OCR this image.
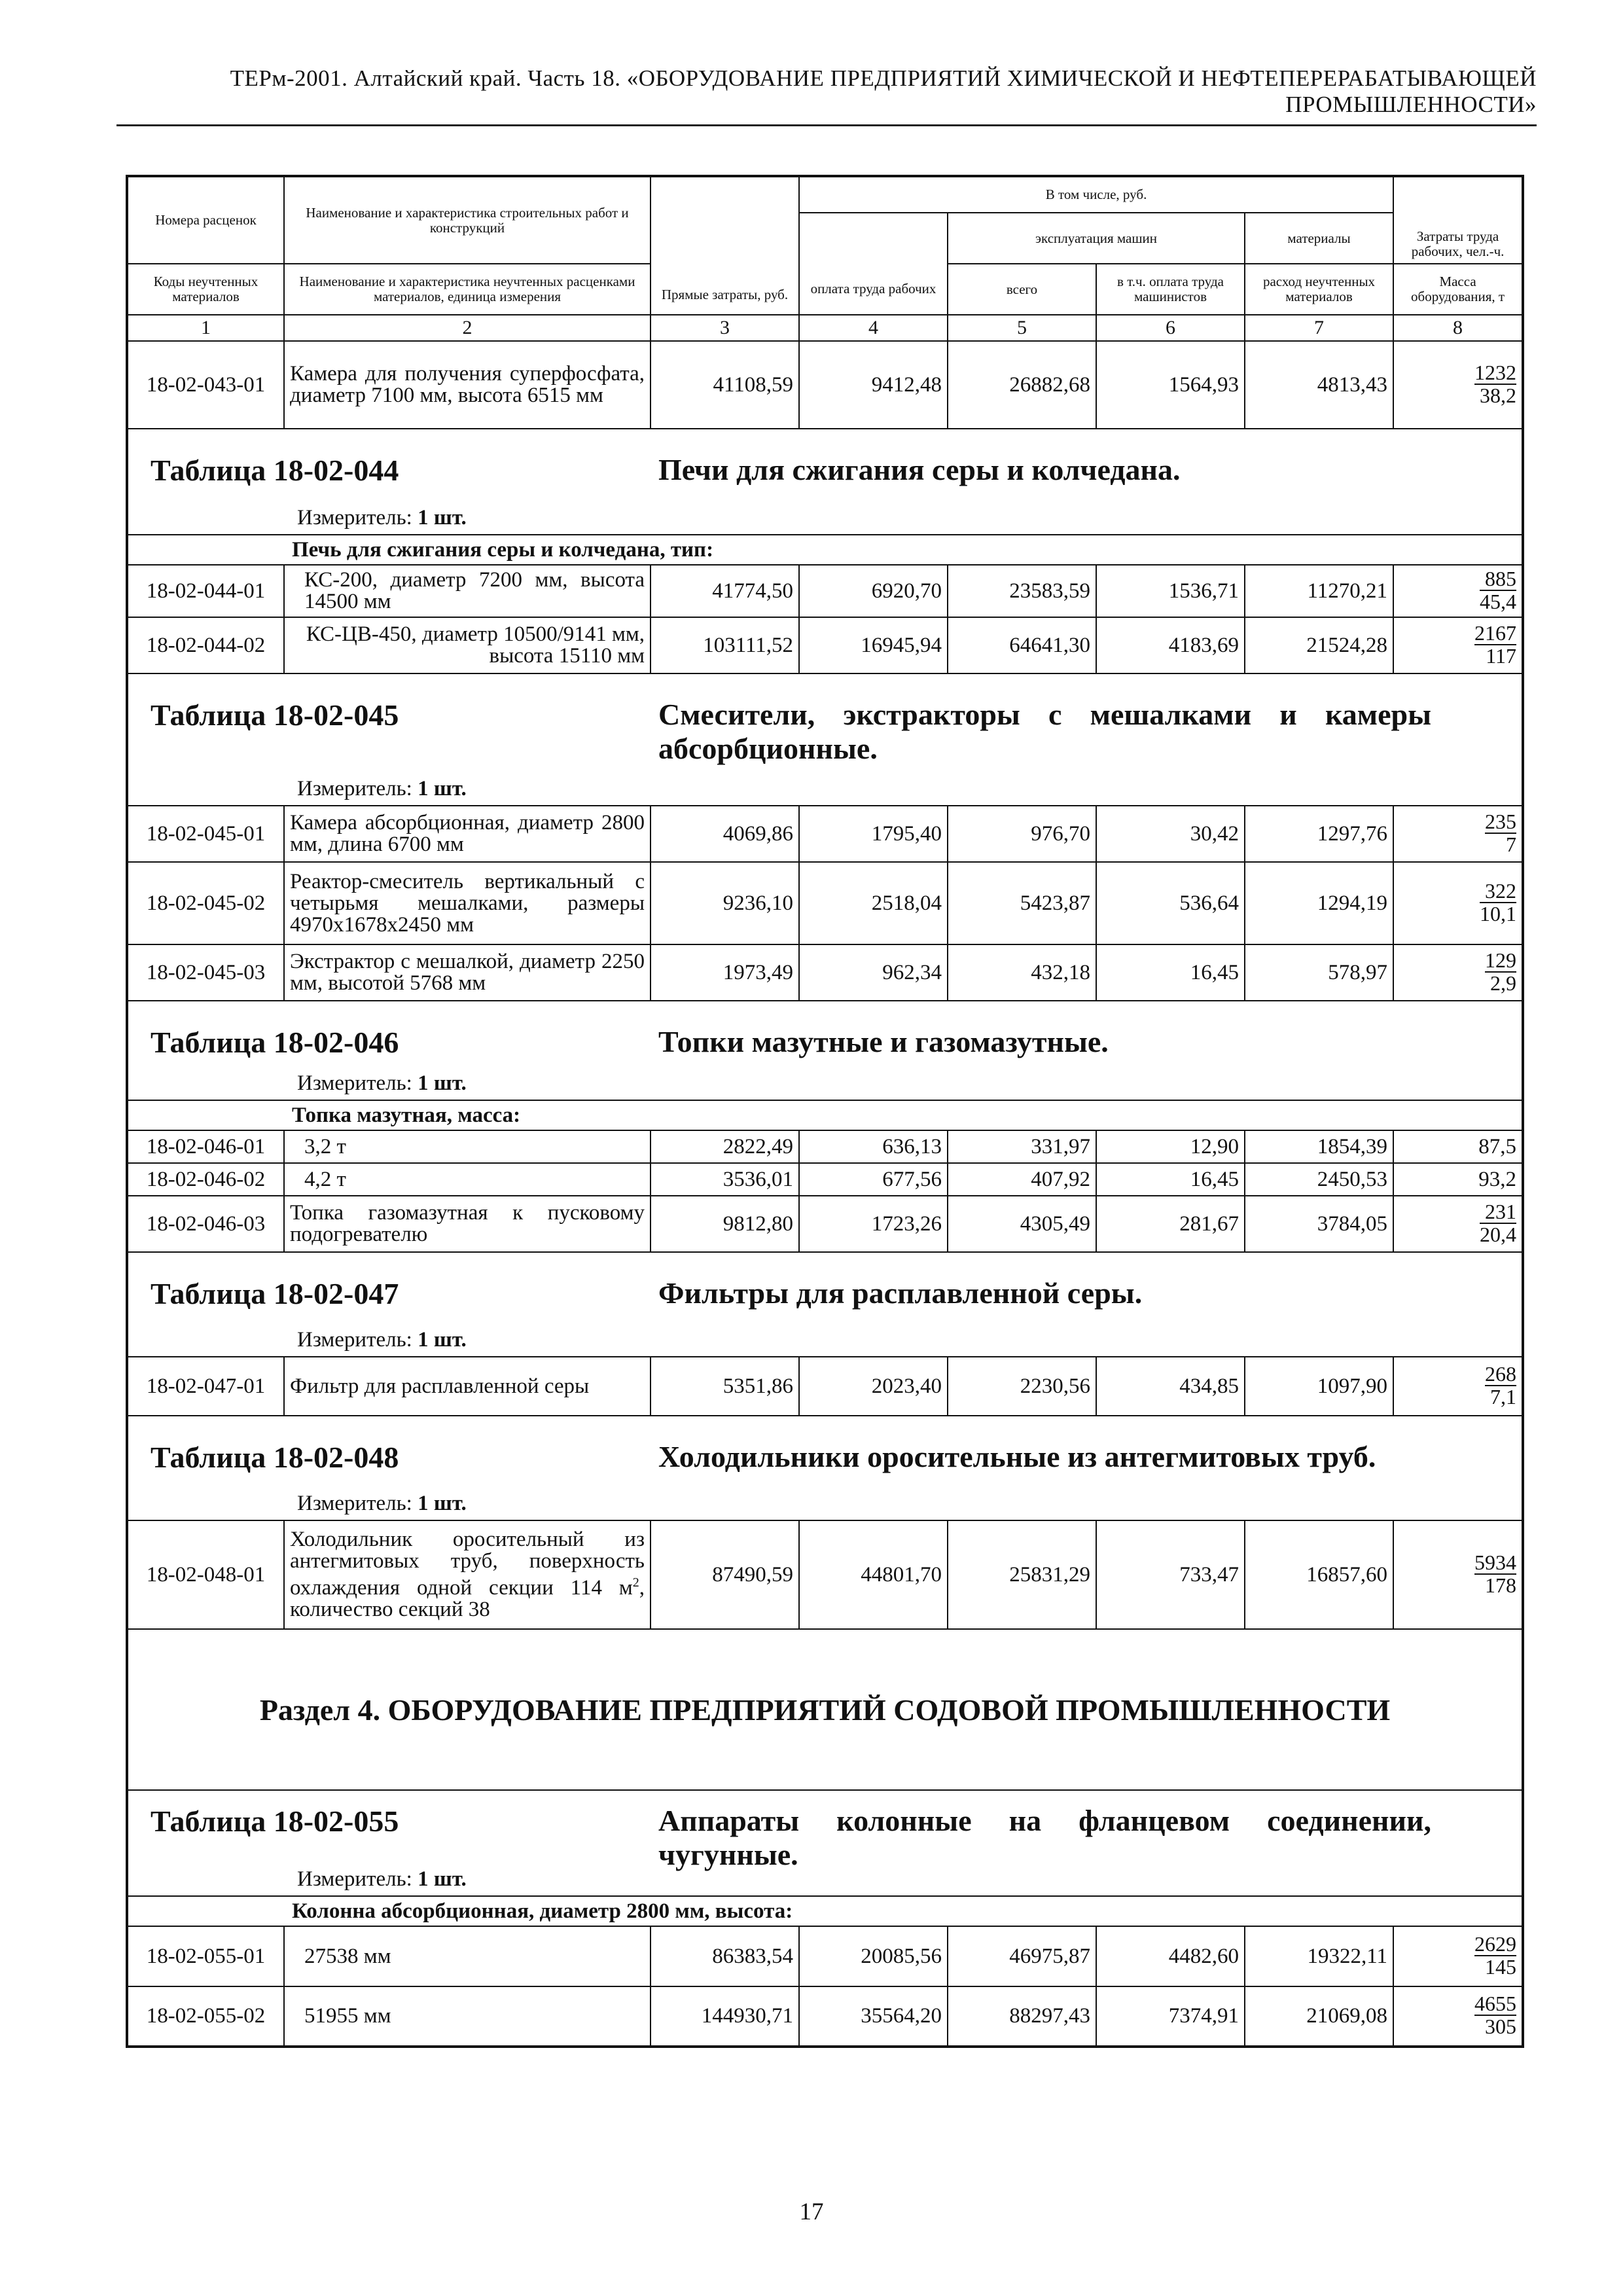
ТЕРм-2001. Алтайский край. Часть 18. «ОБОРУДОВАНИЕ ПРЕДПРИЯТИЙ ХИМИЧЕСКОЙ И НЕФТЕПЕРЕРАБАТЫВАЮЩЕЙ
ПРОМЫШЛЕННОСТИ»
Номера расценок	Наименование и характеристика строительных работ и конструкций	Прямые затраты, руб.	В том числе, руб.				Затраты труда рабочих, чел.-ч.
				эксплуатация машин		материалы	
Коды неучтенных материалов	Наименование и характеристика неучтенных расценками материалов, единица измерения		оплата труда рабочих	всего	в т.ч. оплата труда машинистов	расход неучтенных материалов	Масса оборудования, т
1	2	3	4	5	6	7	8
18-02-043-01	Камера для получения суперфосфата, диаметр 7100 мм, высота 6515 мм	41108,59	9412,48	26882,68	1564,93	4813,43	$\frac{1232}{38,2}$

Таблица 18-02-044 Печи для сжигания серы и колчедана.
Измеритель: 1 шт.							

Печь для сжигания серы и колчедана, тип:							
18-02-044-01	КС-200, диаметр 7200 мм, высота 14500 мм	41774,50	6920,70	23583,59	1536,71	11270,21	$\frac{885}{45,4}$

18-02-044-02	КС-ЦВ-450, диаметр 10500/9141 мм, высота 15110 мм	103111,52	16945,94	64641,30	4183,69	21524,28	$\frac{2167}{117}$

Таблица 18-02-045 Смесители, экстракторы с мешалками и камеры абсорбционные.
Измеритель: 1 шт.							

18-02-045-01	Камера абсорбционная, диаметр 2800 мм, длина 6700 мм	4069,86	1795,40	976,70	30,42	1297,76	$\frac{235}{7}$

18-02-045-02	Реактор-смеситель вертикальный с четырьмя мешалками, размеры 4970х1678х2450 мм	9236,10	2518,04	5423,87	536,64	1294,19	$\frac{322}{10,1}$

18-02-045-03	Экстрактор с мешалкой, диаметр 2250 мм, высотой 5768 мм	1973,49	962,34	432,18	16,45	578,97	$\frac{129}{2,9}$

Таблица 18-02-046 Топки мазутные и газомазутные.
Измеритель: 1 шт.							

Топка мазутная, масса:							
18-02-046-01	3,2 т	2822,49	636,13	331,97	12,90	1854,39	87,5
18-02-046-02	4,2 т	3536,01	677,56	407,92	16,45	2450,53	93,2
18-02-046-03	Топка газомазутная к пусковому подогревателю	9812,80	1723,26	4305,49	281,67	3784,05	$\frac{231}{20,4}$

Таблица 18-02-047 Фильтры для расплавленной серы.
Измеритель: 1 шт.							

18-02-047-01	Фильтр для расплавленной серы	5351,86	2023,40	2230,56	434,85	1097,90	$\frac{268}{7,1}$

Таблица 18-02-048 Холодильники оросительные из антегмитовых труб.
Измеритель: 1 шт.							

18-02-048-01	Холодильник оросительный из антегмитовых труб, поверхность охлаждения одной секции 114 $м^2$, количество секций 38	87490,59	44801,70	25831,29	733,47	16857,60	$\frac{5934}{178}$

Раздел 4. ОБОРУДОВАНИЕ ПРЕДПРИЯТИЙ СОДОВОЙ ПРОМЫШЛЕННОСТИ							

Таблица 18-02-055 Аппараты колонные на фланцевом соединении, чугунные.
Измеритель: 1 шт.							

Колонна абсорбционная, диаметр 2800 мм, высота:							
18-02-055-01	27538 мм	86383,54	20085,56	46975,87	4482,60	19322,11	$\frac{2629}{145}$

18-02-055-02	51955 мм	144930,71	35564,20	88297,43	7374,91	21069,08	$\frac{4655}{305}$
17
